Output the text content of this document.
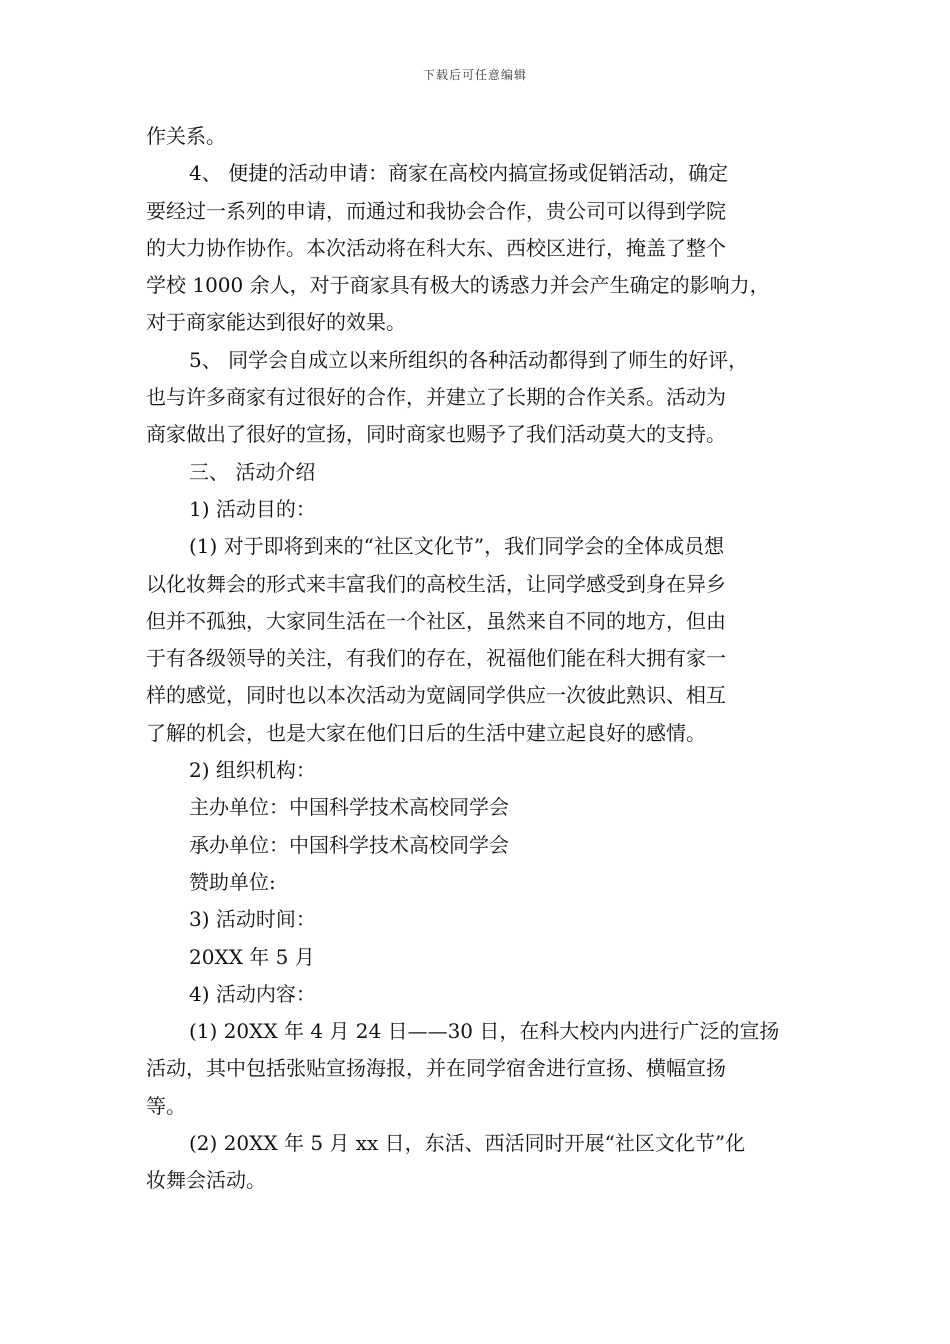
下载后可任意编辑
作关系。
4、 便捷的活动申请：商家在高校内搞宣扬或促销活动，确定
要经过一系列的申请，而通过和我协会合作，贵公司可以得到学院
的大力协作协作。本次活动将在科大东、西校区进行，掩盖了整个
学校 1000 余人，对于商家具有极大的诱惑力并会产生确定的影响力，
对于商家能达到很好的效果。
5、 同学会自成立以来所组织的各种活动都得到了师生的好评，
也与许多商家有过很好的合作，并建立了长期的合作关系。活动为
商家做出了很好的宣扬，同时商家也赐予了我们活动莫大的支持。
三、 活动介绍
1) 活动目的：
(1) 对于即将到来的“社区文化节”，我们同学会的全体成员想
以化妆舞会的形式来丰富我们的高校生活，让同学感受到身在异乡
但并不孤独，大家同生活在一个社区，虽然来自不同的地方，但由
于有各级领导的关注，有我们的存在，祝福他们能在科大拥有家一
样的感觉，同时也以本次活动为宽阔同学供应一次彼此熟识、相互
了解的机会，也是大家在他们日后的生活中建立起良好的感情。
2) 组织机构：
主办单位：中国科学技术高校同学会
承办单位：中国科学技术高校同学会
赞助单位:
3) 活动时间：
20XX 年 5 月
4) 活动内容：
(1) 20XX 年 4 月 24 日——30 日，在科大校内内进行广泛的宣扬
活动，其中包括张贴宣扬海报，并在同学宿舍进行宣扬、横幅宣扬
等。
(2) 20XX 年 5 月 xx 日，东活、西活同时开展“社区文化节”化
妆舞会活动。
